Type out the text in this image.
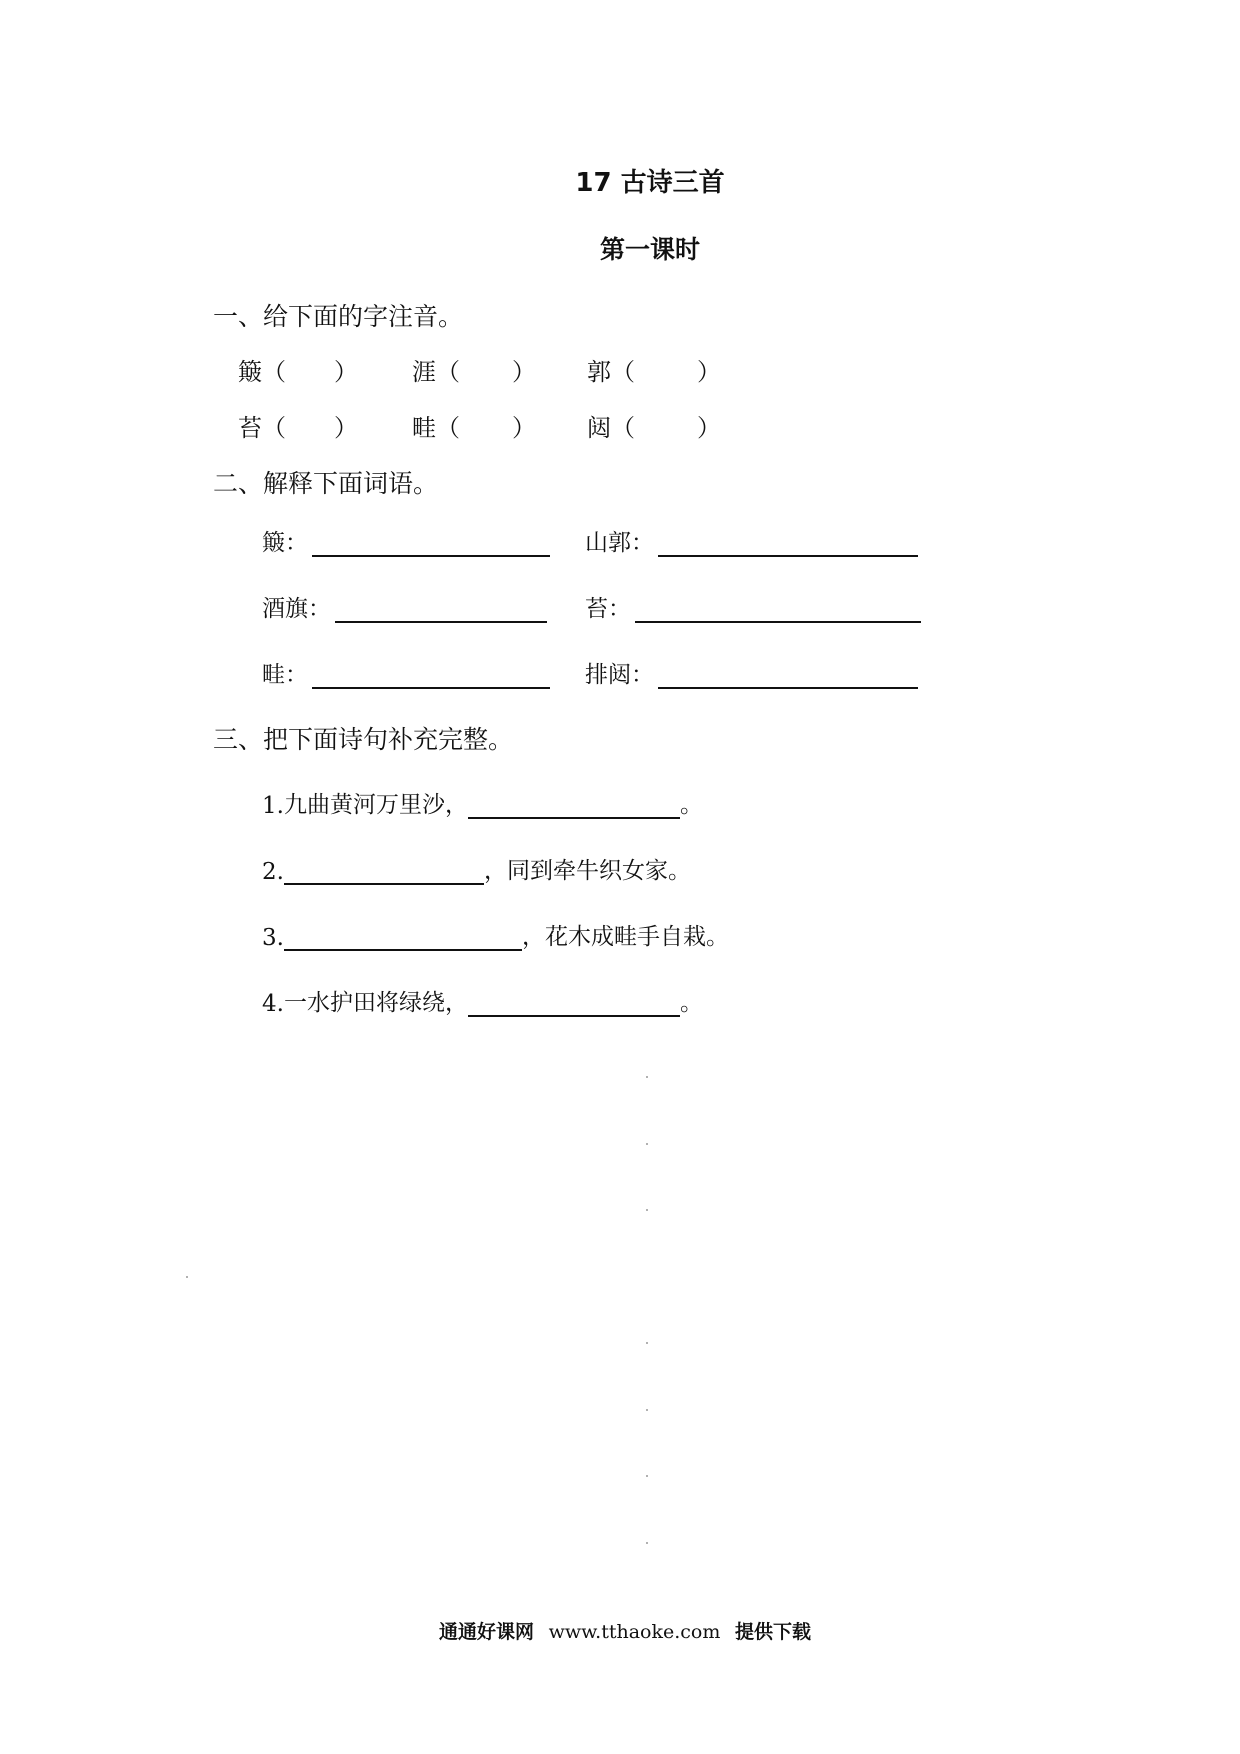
17 古诗三首
第一课时
一、给下面的字注音。
簸 （ ） 涯 （ ） 郭 （	）
苔 （ ） 畦 （ ） 闼 （	）
二、解释下面词语。
簸：	山郭：
酒旗：	苔：
畦：	排闼：
三、把下面诗句补充完整。
1. 九曲黄河万里沙，	。
2.	，同到牵牛织女家。
3.	，花木成畦手自栽。
4. 一水护田将绿绕，	。
通通好课网 www.tthaoke.com 提供下载
